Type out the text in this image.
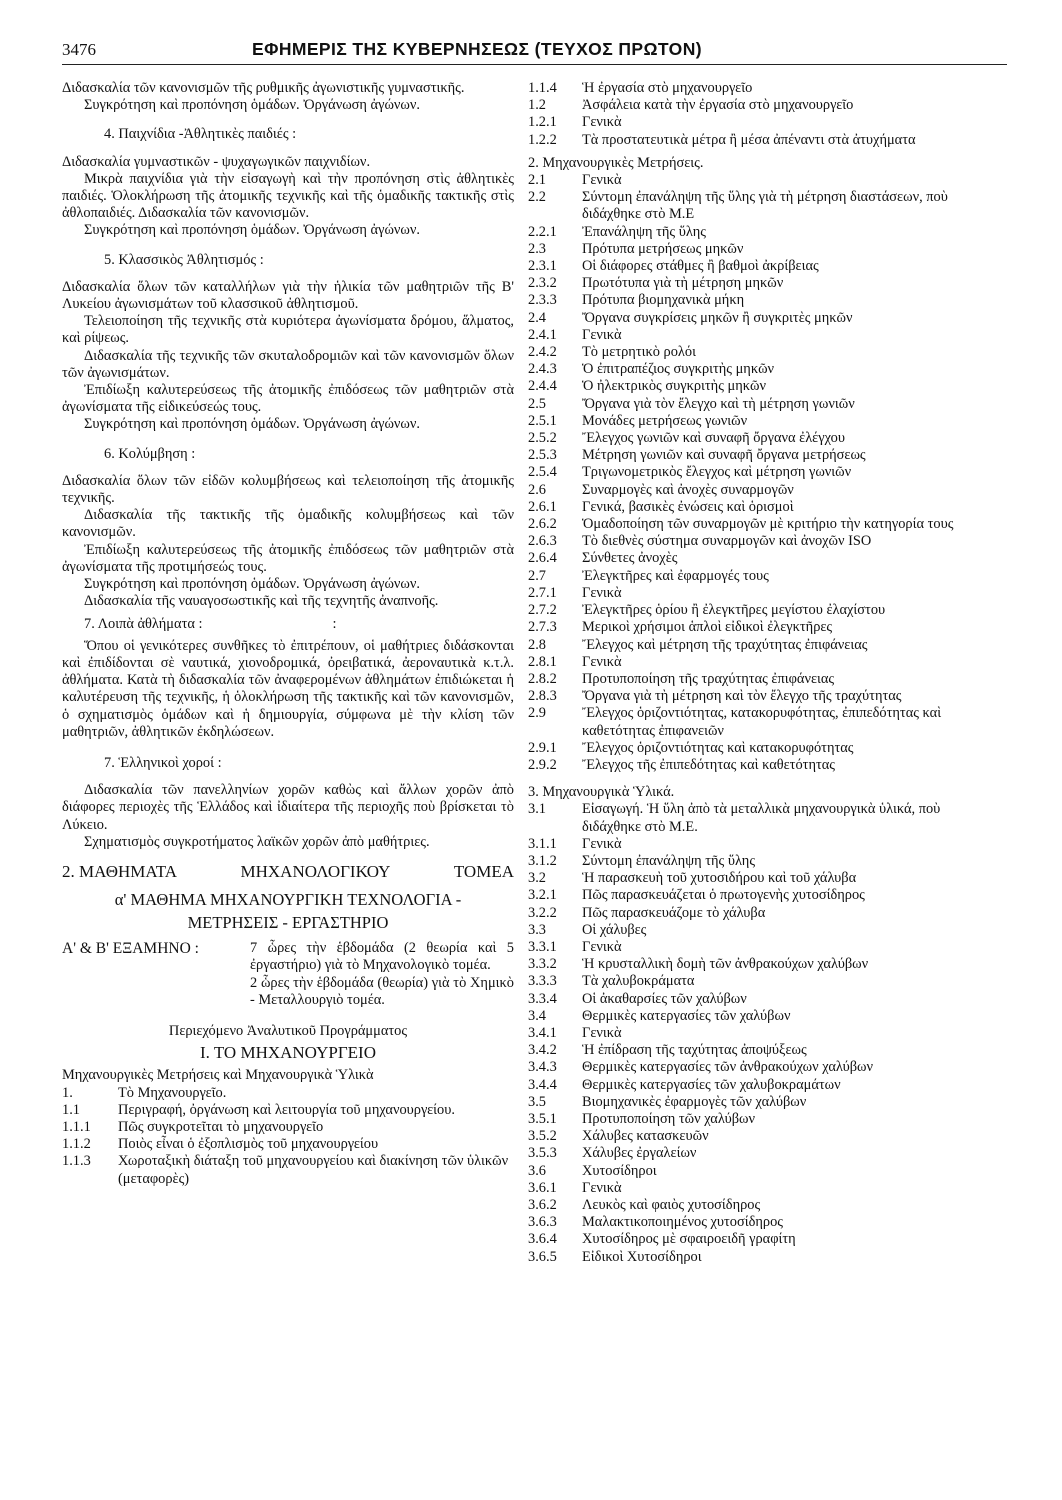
3476	ΕΦΗΜΕΡΙΣ ΤΗΣ ΚΥΒΕΡΝΗΣΕΩΣ (ΤΕΥΧΟΣ ΠΡΩΤΟΝ)

Διδασκαλία τῶν κανονισμῶν τῆς ρυθμικῆς ἀγωνιστικῆς γυμναστικῆς.

Συγκρότηση καὶ προπόνηση ὁμάδων. Ὀργάνωση ἀγώνων.

4. Παιχνίδια -Ἀθλητικὲς παιδιές :

Διδασκαλία γυμναστικῶν - ψυχαγωγικῶν παιχνιδίων.

Μικρὰ παιχνίδια γιὰ τὴν εἰσαγωγὴ καὶ τὴν προπόνηση στὶς ἀθλητικὲς παιδιές. Ὁλοκλήρωση τῆς ἀτομικῆς τεχνικῆς καὶ τῆς ὁμαδικῆς τακτικῆς στὶς ἀθλοπαιδιές. Διδασκαλία τῶν κανονισμῶν.

Συγκρότηση καὶ προπόνηση ὁμάδων. Ὀργάνωση ἀγώνων.

5. Κλασσικὸς Ἀθλητισμός :

Διδασκαλία ὅλων τῶν καταλλήλων γιὰ τὴν ἡλικία τῶν μαθητριῶν τῆς Β' Λυκείου ἀγωνισμάτων τοῦ κλασσικοῦ ἀθλητισμοῦ.

Τελειοποίηση τῆς τεχνικῆς στὰ κυριότερα ἀγωνίσματα δρόμου, ἅλματος, καὶ ρίψεως.

Διδασκαλία τῆς τεχνικῆς τῶν σκυταλοδρομιῶν καὶ τῶν κανονισμῶν ὅλων τῶν ἀγωνισμάτων.

Ἐπιδίωξη καλυτερεύσεως τῆς ἀτομικῆς ἐπιδόσεως τῶν μαθητριῶν στὰ ἀγωνίσματα τῆς εἰδικεύσεώς τους.

Συγκρότηση καὶ προπόνηση ὁμάδων. Ὀργάνωση ἀγώνων.

6. Κολύμβηση :

Διδασκαλία ὅλων τῶν εἰδῶν κολυμβήσεως καὶ τελειοποίηση τῆς ἀτομικῆς τεχνικῆς.

Διδασκαλία τῆς τακτικῆς τῆς ὁμαδικῆς κολυμβήσεως καὶ τῶν κανονισμῶν.

Ἐπιδίωξη καλυτερεύσεως τῆς ἀτομικῆς ἐπιδόσεως τῶν μαθητριῶν στὰ ἀγωνίσματα τῆς προτιμήσεώς τους.

Συγκρότηση καὶ προπόνηση ὁμάδων. Ὀργάνωση ἀγώνων.

Διδασκαλία τῆς ναυαγοσωστικῆς καὶ τῆς τεχνητῆς ἀναπνοῆς.

7. Λοιπὰ ἀθλήματα :	:

Ὅπου οἱ γενικότερες συνθῆκες τὸ ἐπιτρέπουν, οἱ μαθήτριες διδάσκονται καὶ ἐπιδίδονται σὲ ναυτικά, χιονοδρομικά, ὀρειβατικά, ἀεροναυτικὰ κ.τ.λ. ἀθλήματα. Κατὰ τὴ διδασκαλία τῶν ἀναφερομένων ἀθλημάτων ἐπιδιώκεται ἡ καλυτέρευση τῆς τεχνικῆς, ἡ ὁλοκλήρωση τῆς τακτικῆς καὶ τῶν κανονισμῶν, ὁ σχηματισμὸς ὁμάδων καὶ ἡ δημιουργία, σύμφωνα μὲ τὴν κλίση τῶν μαθητριῶν, ἀθλητικῶν ἐκδηλώσεων.

7. Ἑλληνικοὶ χοροί :

Διδασκαλία τῶν πανελληνίων χορῶν καθὼς καὶ ἄλλων χορῶν ἀπὸ διάφορες περιοχὲς τῆς Ἑλλάδος καὶ ἰδιαίτερα τῆς περιοχῆς ποὺ βρίσκεται τὸ Λύκειο.

Σχηματισμὸς συγκροτήματος λαϊκῶν χορῶν ἀπὸ μαθήτριες.

2. ΜΑΘΗΜΑΤΑ	ΜΗΧΑΝΟΛΟΓΙΚΟΥ	ΤΟΜΕΑ
α' ΜΑΘΗΜΑ ΜΗΧΑΝΟΥΡΓΙΚΗ ΤΕΧΝΟΛΟΓΙΑ -
ΜΕΤΡΗΣΕΙΣ - ΕΡΓΑΣΤΗΡΙΟ
Α' & Β' ΕΞΑΜΗΝΟ :	7 ὧρες τὴν ἑβδομάδα (2 θεωρία καὶ 5 ἐργαστήριο) γιὰ τὸ Μηχανολογικὸ τομέα.
2 ὧρες τὴν ἑβδομάδα (θεωρία) γιὰ τὸ Χημικὸ - Μεταλλουργιὸ τομέα.
Περιεχόμενο Ἀναλυτικοῦ Προγράμματος
Ι. ΤΟ ΜΗΧΑΝΟΥΡΓΕΙΟ
Μηχανουργικὲς Μετρήσεις καὶ Μηχανουργικὰ Ὑλικὰ
1.	Τὸ Μηχανουργεῖο.
1.1	Περιγραφή, ὀργάνωση καὶ λειτουργία τοῦ μηχανουργείου.
1.1.1	Πῶς συγκροτεῖται τὸ μηχανουργεῖο
1.1.2	Ποιὸς εἶναι ὁ ἐξοπλισμὸς τοῦ μηχανουργείου
1.1.3	Χωροταξικὴ διάταξη τοῦ μηχανουργείου καὶ διακίνηση τῶν ὑλικῶν (μεταφορὲς)
1.1.4	Ἡ ἐργασία στὸ μηχανουργεῖο
1.2	Ἀσφάλεια κατὰ τὴν ἐργασία στὸ μηχανουργεῖο
1.2.1	Γενικὰ
1.2.2	Τὰ προστατευτικὰ μέτρα ἢ μέσα ἀπέναντι στὰ ἀτυχήματα
2. Μηχανουργικὲς Μετρήσεις.
2.1	Γενικὰ
2.2	Σύντομη ἐπανάληψη τῆς ὕλης γιὰ τὴ μέτρηση διαστάσεων, ποὺ διδάχθηκε στὸ Μ.Ε
2.2.1	Ἐπανάληψη τῆς ὕλης
2.3	Πρότυπα μετρήσεως μηκῶν
2.3.1	Οἱ διάφορες στάθμες ἢ βαθμοὶ ἀκρίβειας
2.3.2	Πρωτότυπα γιὰ τὴ μέτρηση μηκῶν
2.3.3	Πρότυπα βιομηχανικὰ μήκη
2.4	Ὄργανα συγκρίσεις μηκῶν ἢ συγκριτὲς μηκῶν
2.4.1	Γενικὰ
2.4.2	Τὸ μετρητικὸ ρολόι
2.4.3	Ὁ ἐπιτραπέζιος συγκριτὴς μηκῶν
2.4.4	Ὁ ἠλεκτρικὸς συγκριτὴς μηκῶν
2.5	Ὄργανα γιὰ τὸν ἔλεγχο καὶ τὴ μέτρηση γωνιῶν
2.5.1	Μονάδες μετρήσεως γωνιῶν
2.5.2	Ἔλεγχος γωνιῶν καὶ συναφῆ ὄργανα ἐλέγχου
2.5.3	Μέτρηση γωνιῶν καὶ συναφῆ ὄργανα μετρήσεως
2.5.4	Τριγωνομετρικὸς ἔλεγχος καὶ μέτρηση γωνιῶν
2.6	Συναρμογὲς καὶ ἀνοχὲς συναρμογῶν
2.6.1	Γενικά, βασικὲς ἐνώσεις καὶ ὁρισμοὶ
2.6.2	Ὁμαδοποίηση τῶν συναρμογῶν μὲ κριτήριο τὴν κατηγορία τους
2.6.3	Τὸ διεθνὲς σύστημα συναρμογῶν καὶ ἀνοχῶν ISO
2.6.4	Σύνθετες ἀνοχὲς
2.7	Ἐλεγκτῆρες καὶ ἐφαρμογές τους
2.7.1	Γενικὰ
2.7.2	Ἐλεγκτῆρες ὁρίου ἢ ἐλεγκτῆρες μεγίστου ἐλαχίστου
2.7.3	Μερικοὶ χρήσιμοι ἁπλοὶ εἰδικοὶ ἐλεγκτῆρες
2.8	Ἔλεγχος καὶ μέτρηση τῆς τραχύτητας ἐπιφάνειας
2.8.1	Γενικὰ
2.8.2	Προτυποποίηση τῆς τραχύτητας ἐπιφάνειας
2.8.3	Ὄργανα γιὰ τὴ μέτρηση καὶ τὸν ἔλεγχο τῆς τραχύτητας
2.9	Ἔλεγχος ὁριζοντιότητας, κατακορυφότητας, ἐπιπεδότητας καὶ καθετότητας ἐπιφανειῶν
2.9.1	Ἔλεγχος ὁριζοντιότητας καὶ κατακορυφότητας
2.9.2	Ἔλεγχος τῆς ἐπιπεδότητας καὶ καθετότητας
3. Μηχανουργικὰ Ὑλικά.
3.1	Εἰσαγωγή. Ἡ ὕλη ἀπὸ τὰ μεταλλικὰ μηχανουργικὰ ὑλικά, ποὺ διδάχθηκε στὸ Μ.Ε.
3.1.1	Γενικὰ
3.1.2	Σύντομη ἐπανάληψη τῆς ὕλης
3.2	Ἡ παρασκευὴ τοῦ χυτοσιδήρου καὶ τοῦ χάλυβα
3.2.1	Πῶς παρασκευάζεται ὁ πρωτογενὴς χυτοσίδηρος
3.2.2	Πῶς παρασκευάζομε τὸ χάλυβα
3.3	Οἱ χάλυβες
3.3.1	Γενικὰ
3.3.2	Ἡ κρυσταλλικὴ δομὴ τῶν ἀνθρακούχων χαλύβων
3.3.3	Τὰ χαλυβοκράματα
3.3.4	Οἱ ἀκαθαρσίες τῶν χαλύβων
3.4	Θερμικὲς κατεργασίες τῶν χαλύβων
3.4.1	Γενικὰ
3.4.2	Ἡ ἐπίδραση τῆς ταχύτητας ἀποψύξεως
3.4.3	Θερμικὲς κατεργασίες τῶν ἀνθρακούχων χαλύβων
3.4.4	Θερμικὲς κατεργασίες τῶν χαλυβοκραμάτων
3.5	Βιομηχανικὲς ἐφαρμογὲς τῶν χαλύβων
3.5.1	Προτυποποίηση τῶν χαλύβων
3.5.2	Χάλυβες κατασκευῶν
3.5.3	Χάλυβες ἐργαλείων
3.6	Χυτοσίδηροι
3.6.1	Γενικὰ
3.6.2	Λευκὸς καὶ φαιὸς χυτοσίδηρος
3.6.3	Μαλακτικοποιημένος χυτοσίδηρος
3.6.4	Χυτοσίδηρος μὲ σφαιροειδῆ γραφίτη
3.6.5	Εἰδικοὶ Χυτοσίδηροι
